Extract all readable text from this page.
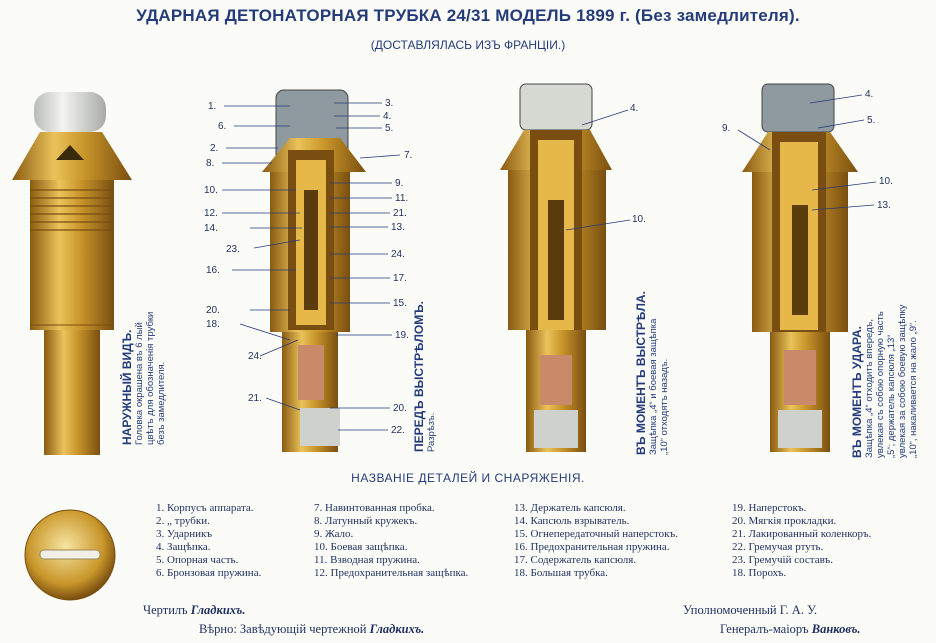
УДАРНАЯ ДЕТОНАТОРНАЯ ТРУБКА 24/31 МОДЕЛЬ 1899 г. (Без замедлителя).
(ДОСТАВЛЯЛАСЬ ИЗЪ ФРАНЦІИ.)
1.
6.
2.
8.
10.
12.
14.
23.
16.
20.
18.
24.
21.
3.
4.
5.
7.
9.
11.
21.
13.
24.
17.
15.
19.
20.
22.
4.
10.
4.
5.
9.
10.
13.
НАРУЖНЫЙ ВИДЪ. Головка окрашена въ 6 лый цвѣтъ для обозначенія трубки безъ замедлителя.	ПЕРЕДЪ ВЫСТРѢЛОМЪ. Разрѣзъ.	ВЪ МОМЕНТЪ ВЫСТРѢЛА. Защѣпка „4“ и боевая защѣпка „10“ отходятъ назадъ.	ВЪ МОМЕНТЪ УДАРА. Защѣпка „4“ отходитъ впередъ, увлекая съ собою опорную часть „5“; держатель капсюля „13“ увлекая за собою боевую защѣпку „10“, накаливается на жало „9“.
НАЗВАНІЕ ДЕТАЛЕЙ И СНАРЯЖЕНІЯ.
1. Корпусъ аппарата.
2. „ трубки.
3. Ударникъ
4. Защѣпка.
5. Опорная часть.
6. Бронзовая пружина.
7. Навинтованная пробка.
8. Латунный кружекъ.
9. Жало.
10. Боевая защѣпка.
11. Взводная пружина.
12. Предохранительная защѣпка.
13. Держатель капсюля.
14. Капсюль взрыватель.
15. Огнепередаточный наперстокъ.
16. Предохранительная пружина.
17. Содержатель капсюля.
18. Большая трубка.
19. Наперстокъ.
20. Мягкія прокладки.
21. Лакированный коленкоръ.
22. Гремучая ртуть.
23. Гремучій составъ.
18. Порохъ.
Чертилъ Гладкихъ.
Вѣрно: Завѣдующій чертежной Гладкихъ.
Уполномоченный Г. А. У.
Генералъ-маіоръ Ванковъ.
